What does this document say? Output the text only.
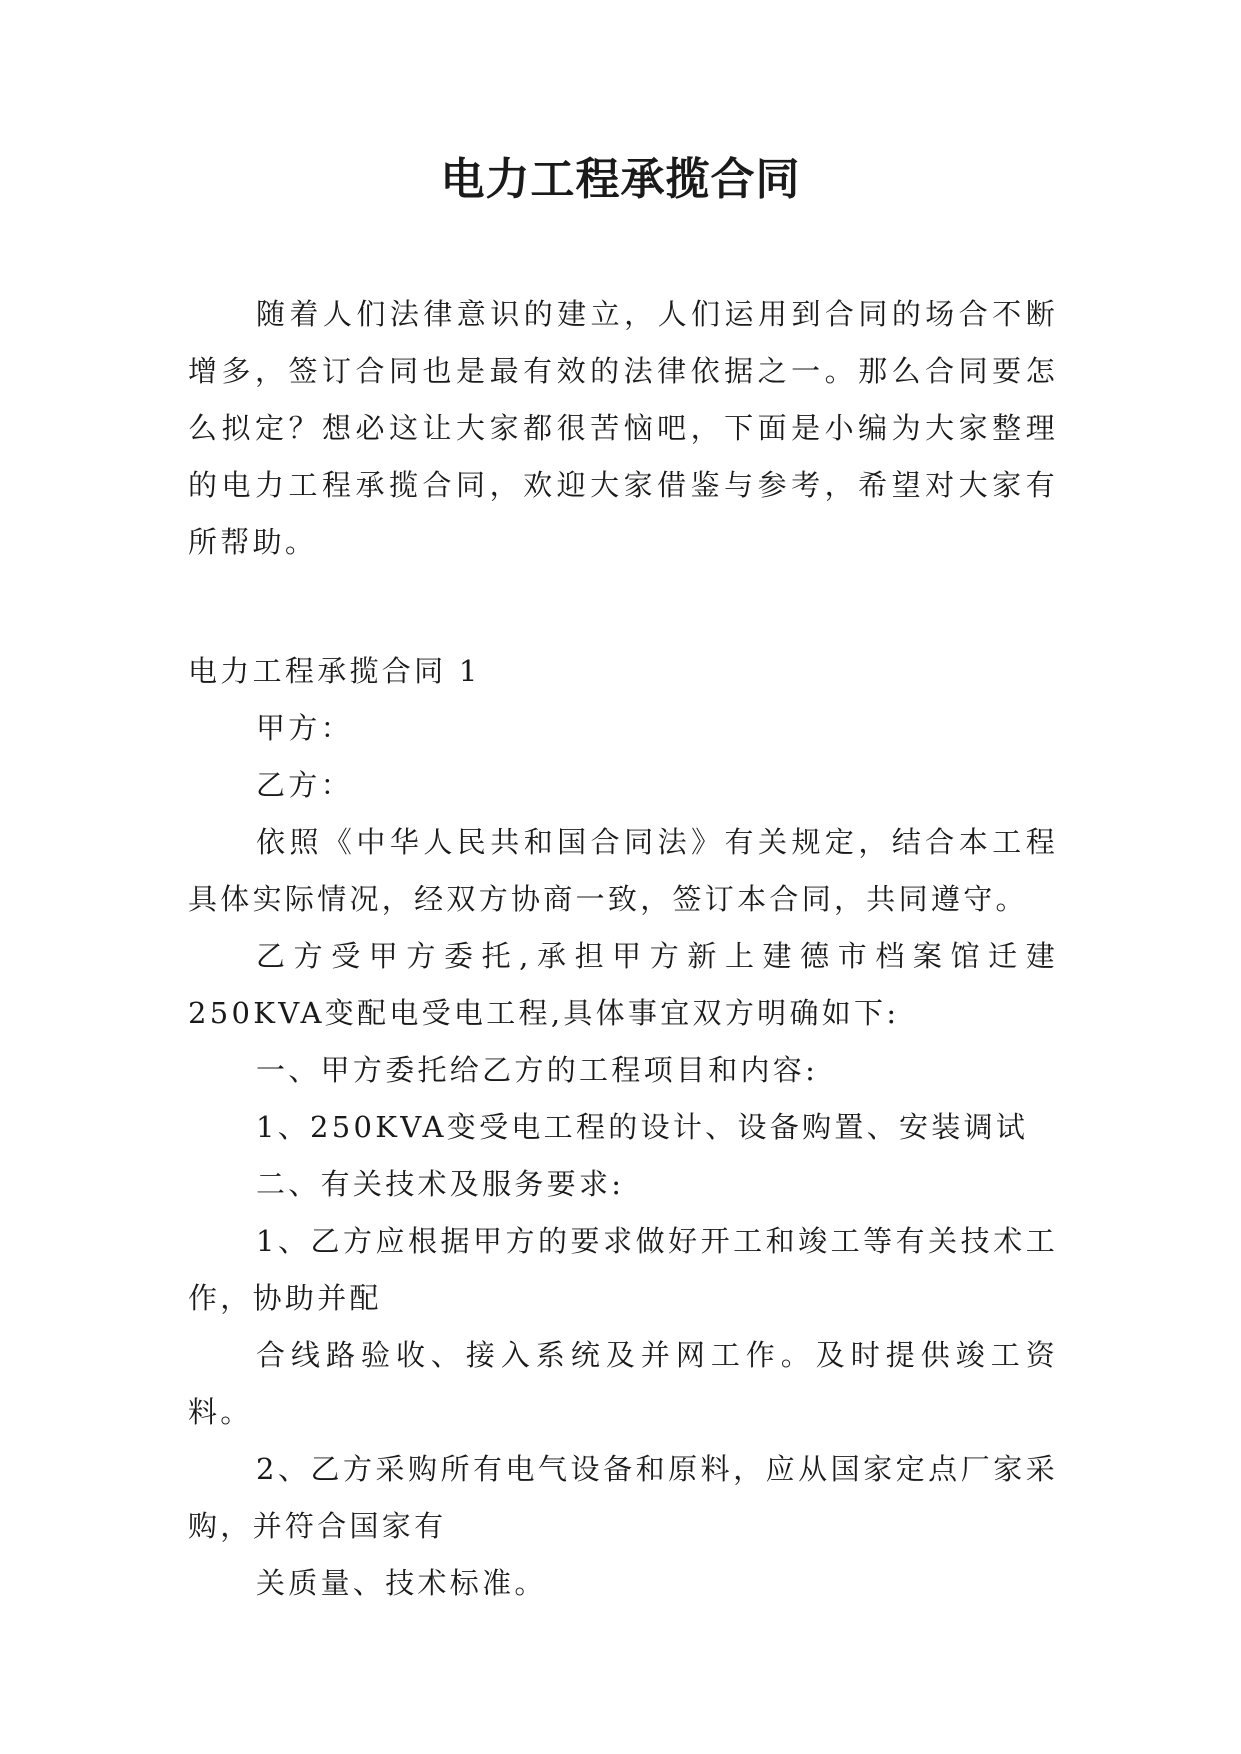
电力工程承揽合同

随着人们法律意识的建立，人们运用到合同的场合不断增多，签订合同也是最有效的法律依据之一。那么合同要怎么拟定？想必这让大家都很苦恼吧，下面是小编为大家整理的电力工程承揽合同，欢迎大家借鉴与参考，希望对大家有所帮助。

电力工程承揽合同 1

甲方：

乙方：

依照《中华人民共和国合同法》有关规定，结合本工程具体实际情况，经双方协商一致，签订本合同，共同遵守。

乙方受甲方委托,承担甲方新上建德市档案馆迁建250KVA变配电受电工程,具体事宜双方明确如下:

一、甲方委托给乙方的工程项目和内容:

1、250KVA变受电工程的设计、设备购置、安装调试

二、有关技术及服务要求:

1、乙方应根据甲方的要求做好开工和竣工等有关技术工作，协助并配

合线路验收、接入系统及并网工作。及时提供竣工资料。

2、乙方采购所有电气设备和原料，应从国家定点厂家采购，并符合国家有

关质量、技术标准。
